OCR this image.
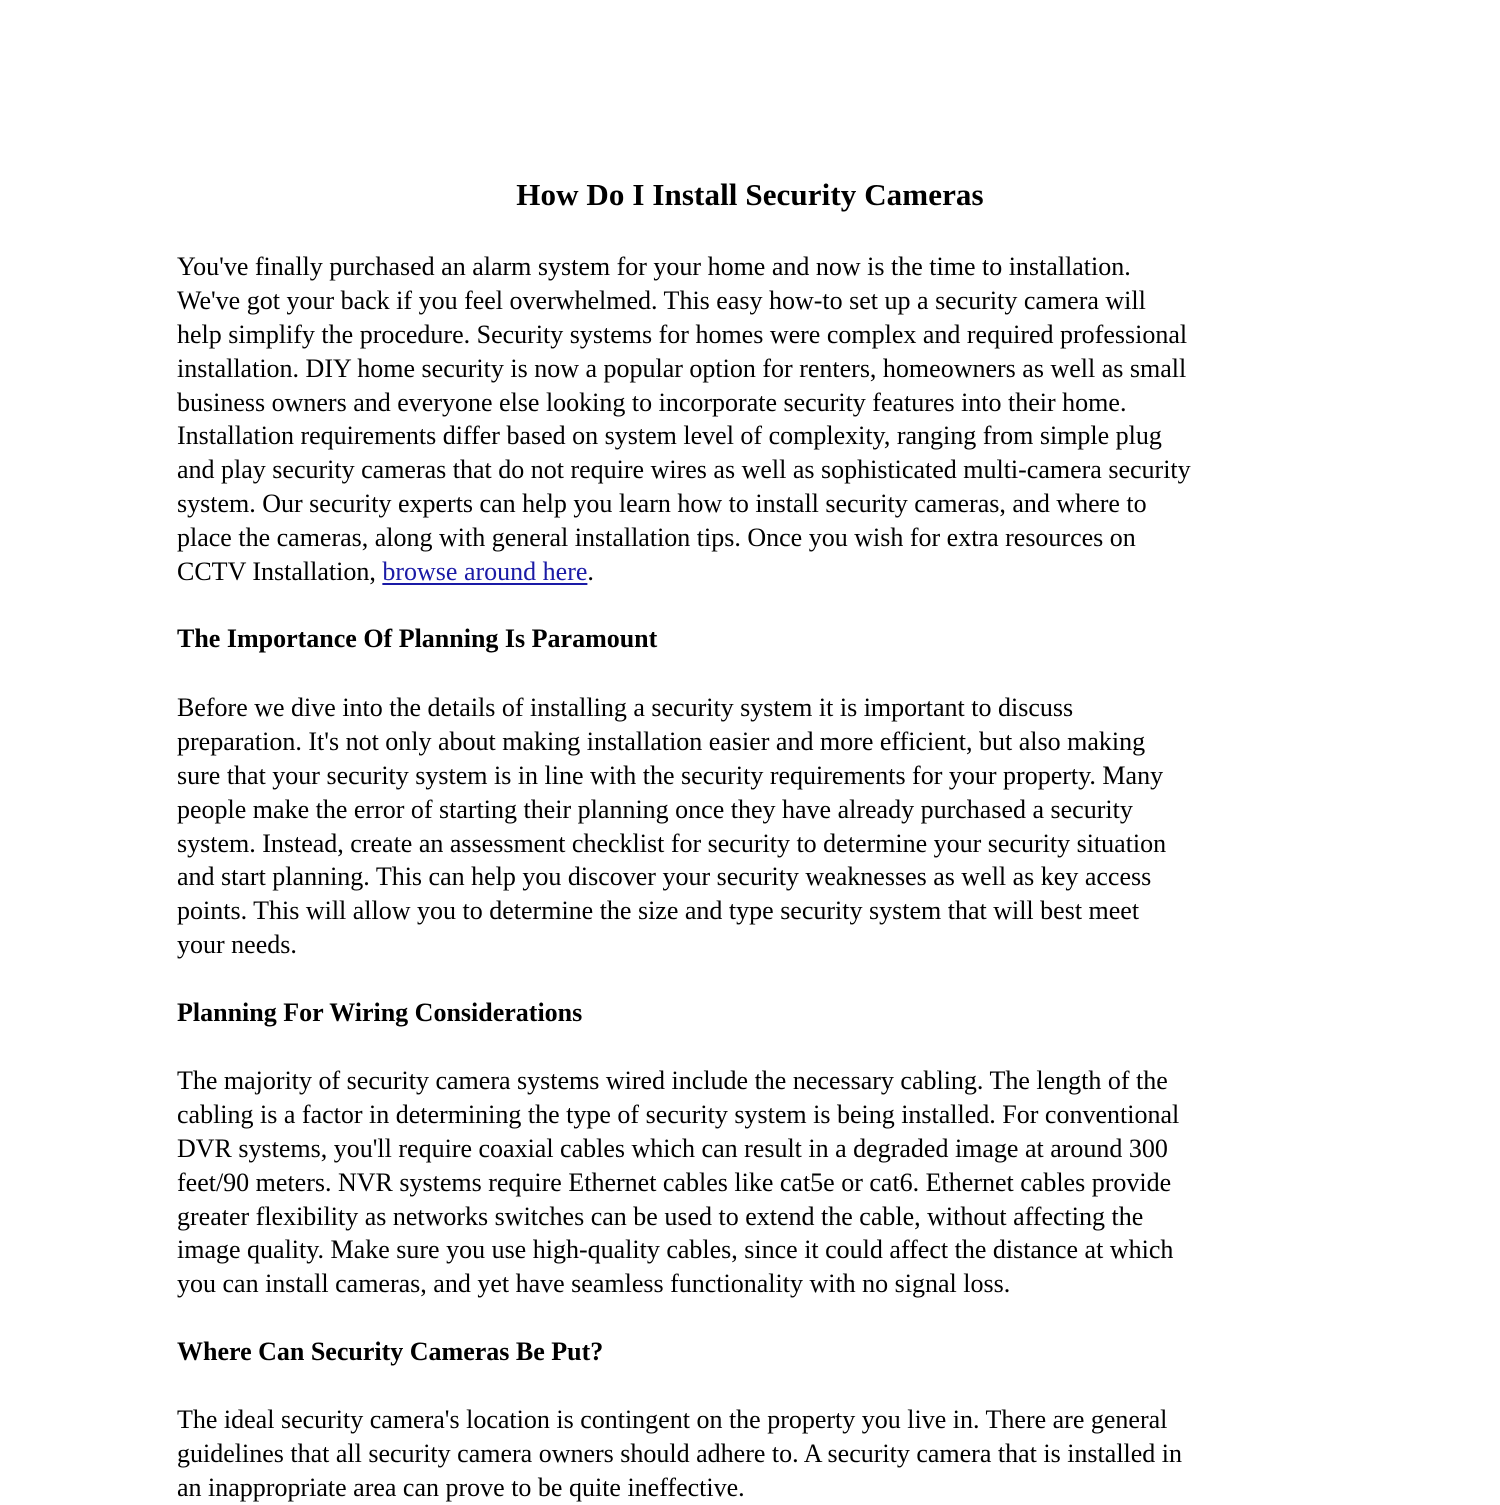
How Do I Install Security Cameras
You've finally purchased an alarm system for your home and now is the time to installation.
We've got your back if you feel overwhelmed. This easy how-to set up a security camera will
help simplify the procedure. Security systems for homes were complex and required professional
installation. DIY home security is now a popular option for renters, homeowners as well as small
business owners and everyone else looking to incorporate security features into their home.
Installation requirements differ based on system level of complexity, ranging from simple plug
and play security cameras that do not require wires as well as sophisticated multi-camera security
system. Our security experts can help you learn how to install security cameras, and where to
place the cameras, along with general installation tips. Once you wish for extra resources on
CCTV Installation, browse around here.
The Importance Of Planning Is Paramount
Before we dive into the details of installing a security system it is important to discuss
preparation. It's not only about making installation easier and more efficient, but also making
sure that your security system is in line with the security requirements for your property. Many
people make the error of starting their planning once they have already purchased a security
system. Instead, create an assessment checklist for security to determine your security situation
and start planning. This can help you discover your security weaknesses as well as key access
points. This will allow you to determine the size and type security system that will best meet
your needs.
Planning For Wiring Considerations
The majority of security camera systems wired include the necessary cabling. The length of the
cabling is a factor in determining the type of security system is being installed. For conventional
DVR systems, you'll require coaxial cables which can result in a degraded image at around 300
feet/90 meters. NVR systems require Ethernet cables like cat5e or cat6. Ethernet cables provide
greater flexibility as networks switches can be used to extend the cable, without affecting the
image quality. Make sure you use high-quality cables, since it could affect the distance at which
you can install cameras, and yet have seamless functionality with no signal loss.
Where Can Security Cameras Be Put?
The ideal security camera's location is contingent on the property you live in. There are general
guidelines that all security camera owners should adhere to. A security camera that is installed in
an inappropriate area can prove to be quite ineffective.
